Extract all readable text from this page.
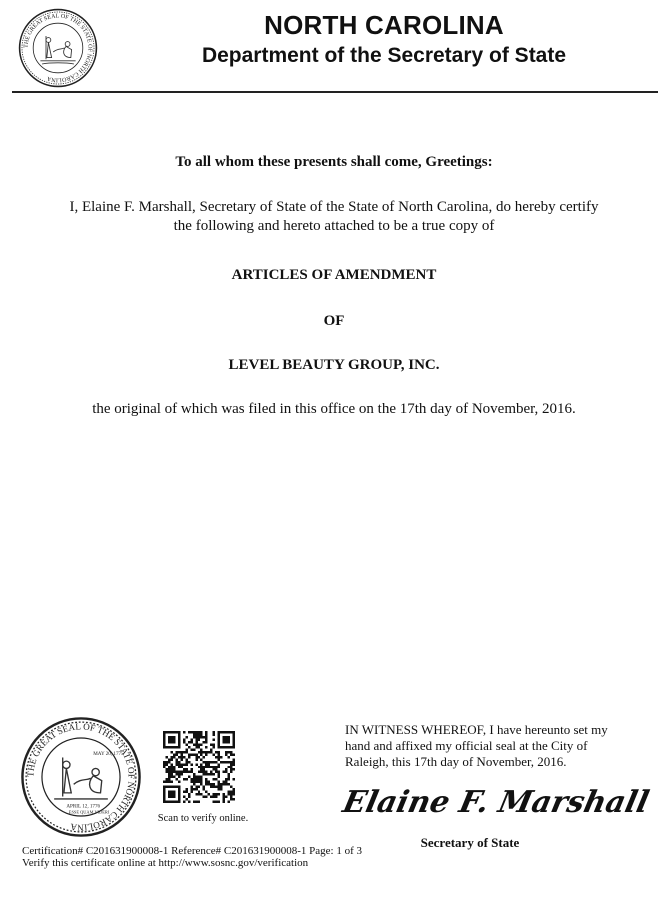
THE GREAT SEAL OF THE STATE OF NORTH CAROLINA
NORTH CAROLINA
Department of the Secretary of State
To all whom these presents shall come, Greetings:
I, Elaine F. Marshall, Secretary of State of the State of North Carolina, do hereby certify
the following and hereto attached to be a true copy of
ARTICLES OF AMENDMENT
OF
LEVEL BEAUTY GROUP, INC.
the original of which was filed in this office on the 17th day of November, 2016.
THE GREAT SEAL OF THE STATE OF NORTH CAROLINA
MAY 20, 1775
APRIL 12, 1776
ESSE QUAM VIDERI
Scan to verify online.
IN WITNESS WHEREOF, I have hereunto set my
hand and affixed my official seal at the City of
Raleigh, this 17th day of November, 2016.
Elaine F. Marshall
Secretary of State
Certification# C201631900008-1 Reference# C201631900008-1 Page: 1 of 3
Verify this certificate online at http://www.sosnc.gov/verification
